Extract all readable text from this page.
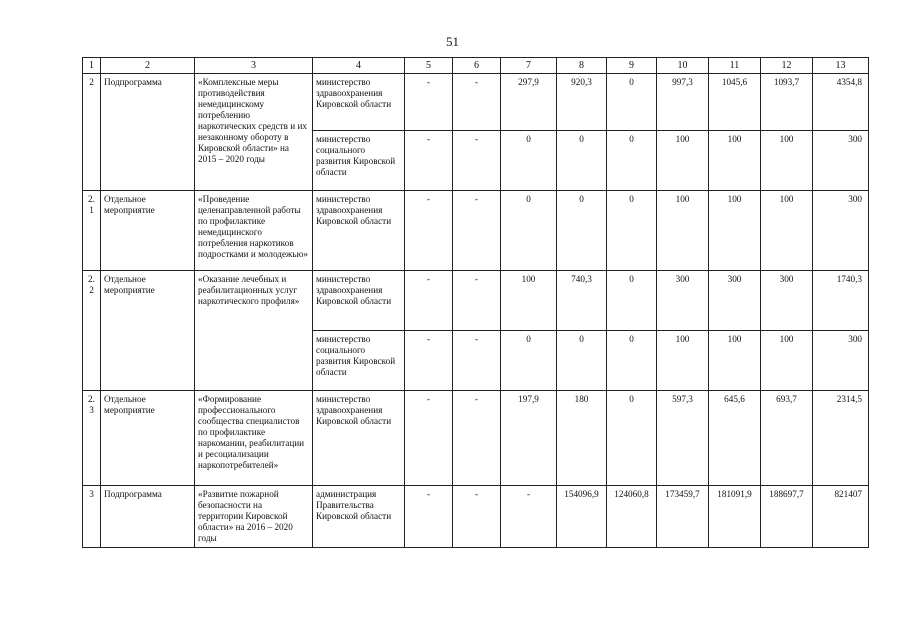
51
1	2	3	4	5	6	7	8	9	10	11	12	13
2	Подпрограмма	«Комплексные меры противодействия немедицинскому потреблению наркотических средств и их незаконному обороту в Кировской области» на 2015 – 2020 годы	министерство здравоохранения Кировской области	-	-	297,9	920,3	0	997,3	1045,6	1093,7	4354,8
			министерство социального развития Кировской области	-	-	0	0	0	100	100	100	300
2.1	Отдельное мероприятие	«Проведение целенаправленной работы по профилактике немедицинского потребления наркотиков подростками и молодежью»	министерство здравоохранения Кировской области	-	-	0	0	0	100	100	100	300
2.2	Отдельное мероприятие	«Оказание лечебных и реабилитационных услуг наркотического профиля»	министерство здравоохранения Кировской области	-	-	100	740,3	0	300	300	300	1740,3
			министерство социального развития Кировской области	-	-	0	0	0	100	100	100	300
2.3	Отдельное мероприятие	«Формирование профессионального сообщества специалистов по профилактике наркомании, реабилитации и ресоциализации наркопотребителей»	министерство здравоохранения Кировской области	-	-	197,9	180	0	597,3	645,6	693,7	2314,5
3	Подпрограмма	«Развитие пожарной безопасности на территории Кировской области» на 2016 – 2020 годы	администрация Правительства Кировской области	-	-	-	154096,9	124060,8	173459,7	181091,9	188697,7	821407
